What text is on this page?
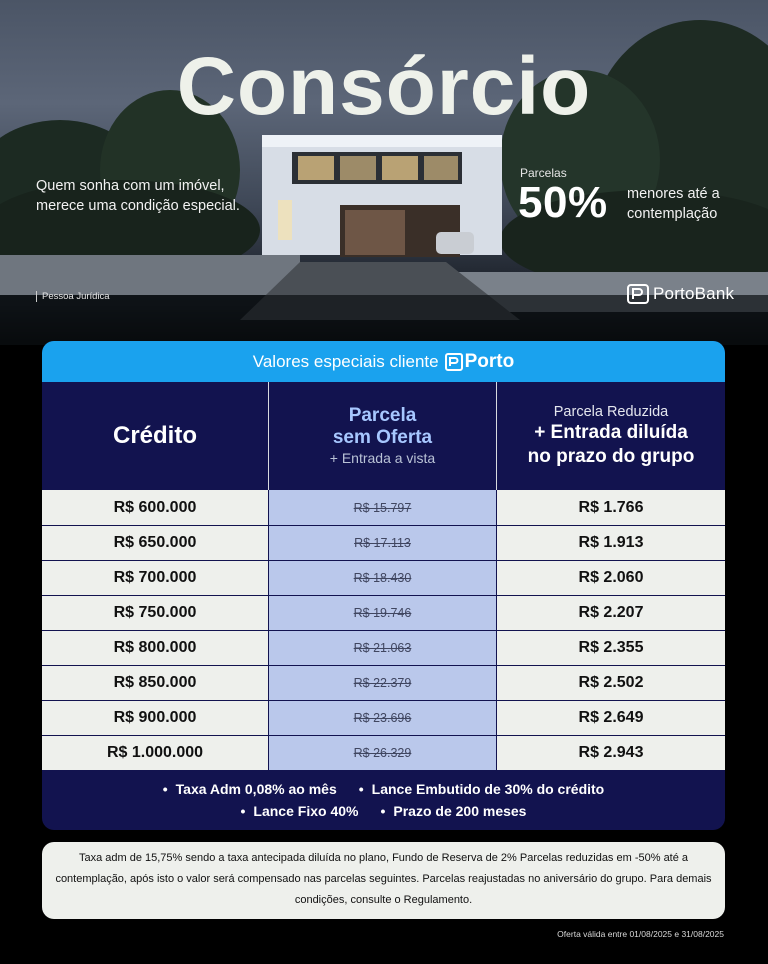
Consórcio
Quem sonha com um imóvel, merece uma condição especial.
Parcelas
50% menores até a contemplação
Pessoa Jurídica	PortoBank
Valores especiais cliente Porto
Crédito
Parcela
sem Oferta
+ Entrada a vista
Parcela Reduzida
+ Entrada diluída
no prazo do grupo
R$ 600.000	R$ 15.797	R$ 1.766
R$ 650.000	R$ 17.113	R$ 1.913
R$ 700.000	R$ 18.430	R$ 2.060
R$ 750.000	R$ 19.746	R$ 2.207
R$ 800.000	R$ 21.063	R$ 2.355
R$ 850.000	R$ 22.379	R$ 2.502
R$ 900.000	R$ 23.696	R$ 2.649
R$ 1.000.000	R$ 26.329	R$ 2.943
• Taxa Adm 0,08% ao mês	• Lance Embutido de 30% do crédito
• Lance Fixo 40%	• Prazo de 200 meses
Taxa adm de 15,75% sendo a taxa antecipada diluída no plano, Fundo de Reserva de 2% Parcelas reduzidas em -50% até a contemplação, após isto o valor será compensado nas parcelas seguintes. Parcelas reajustadas no aniversário do grupo. Para demais condições, consulte o Regulamento.
Oferta válida entre 01/08/2025 e 31/08/2025
